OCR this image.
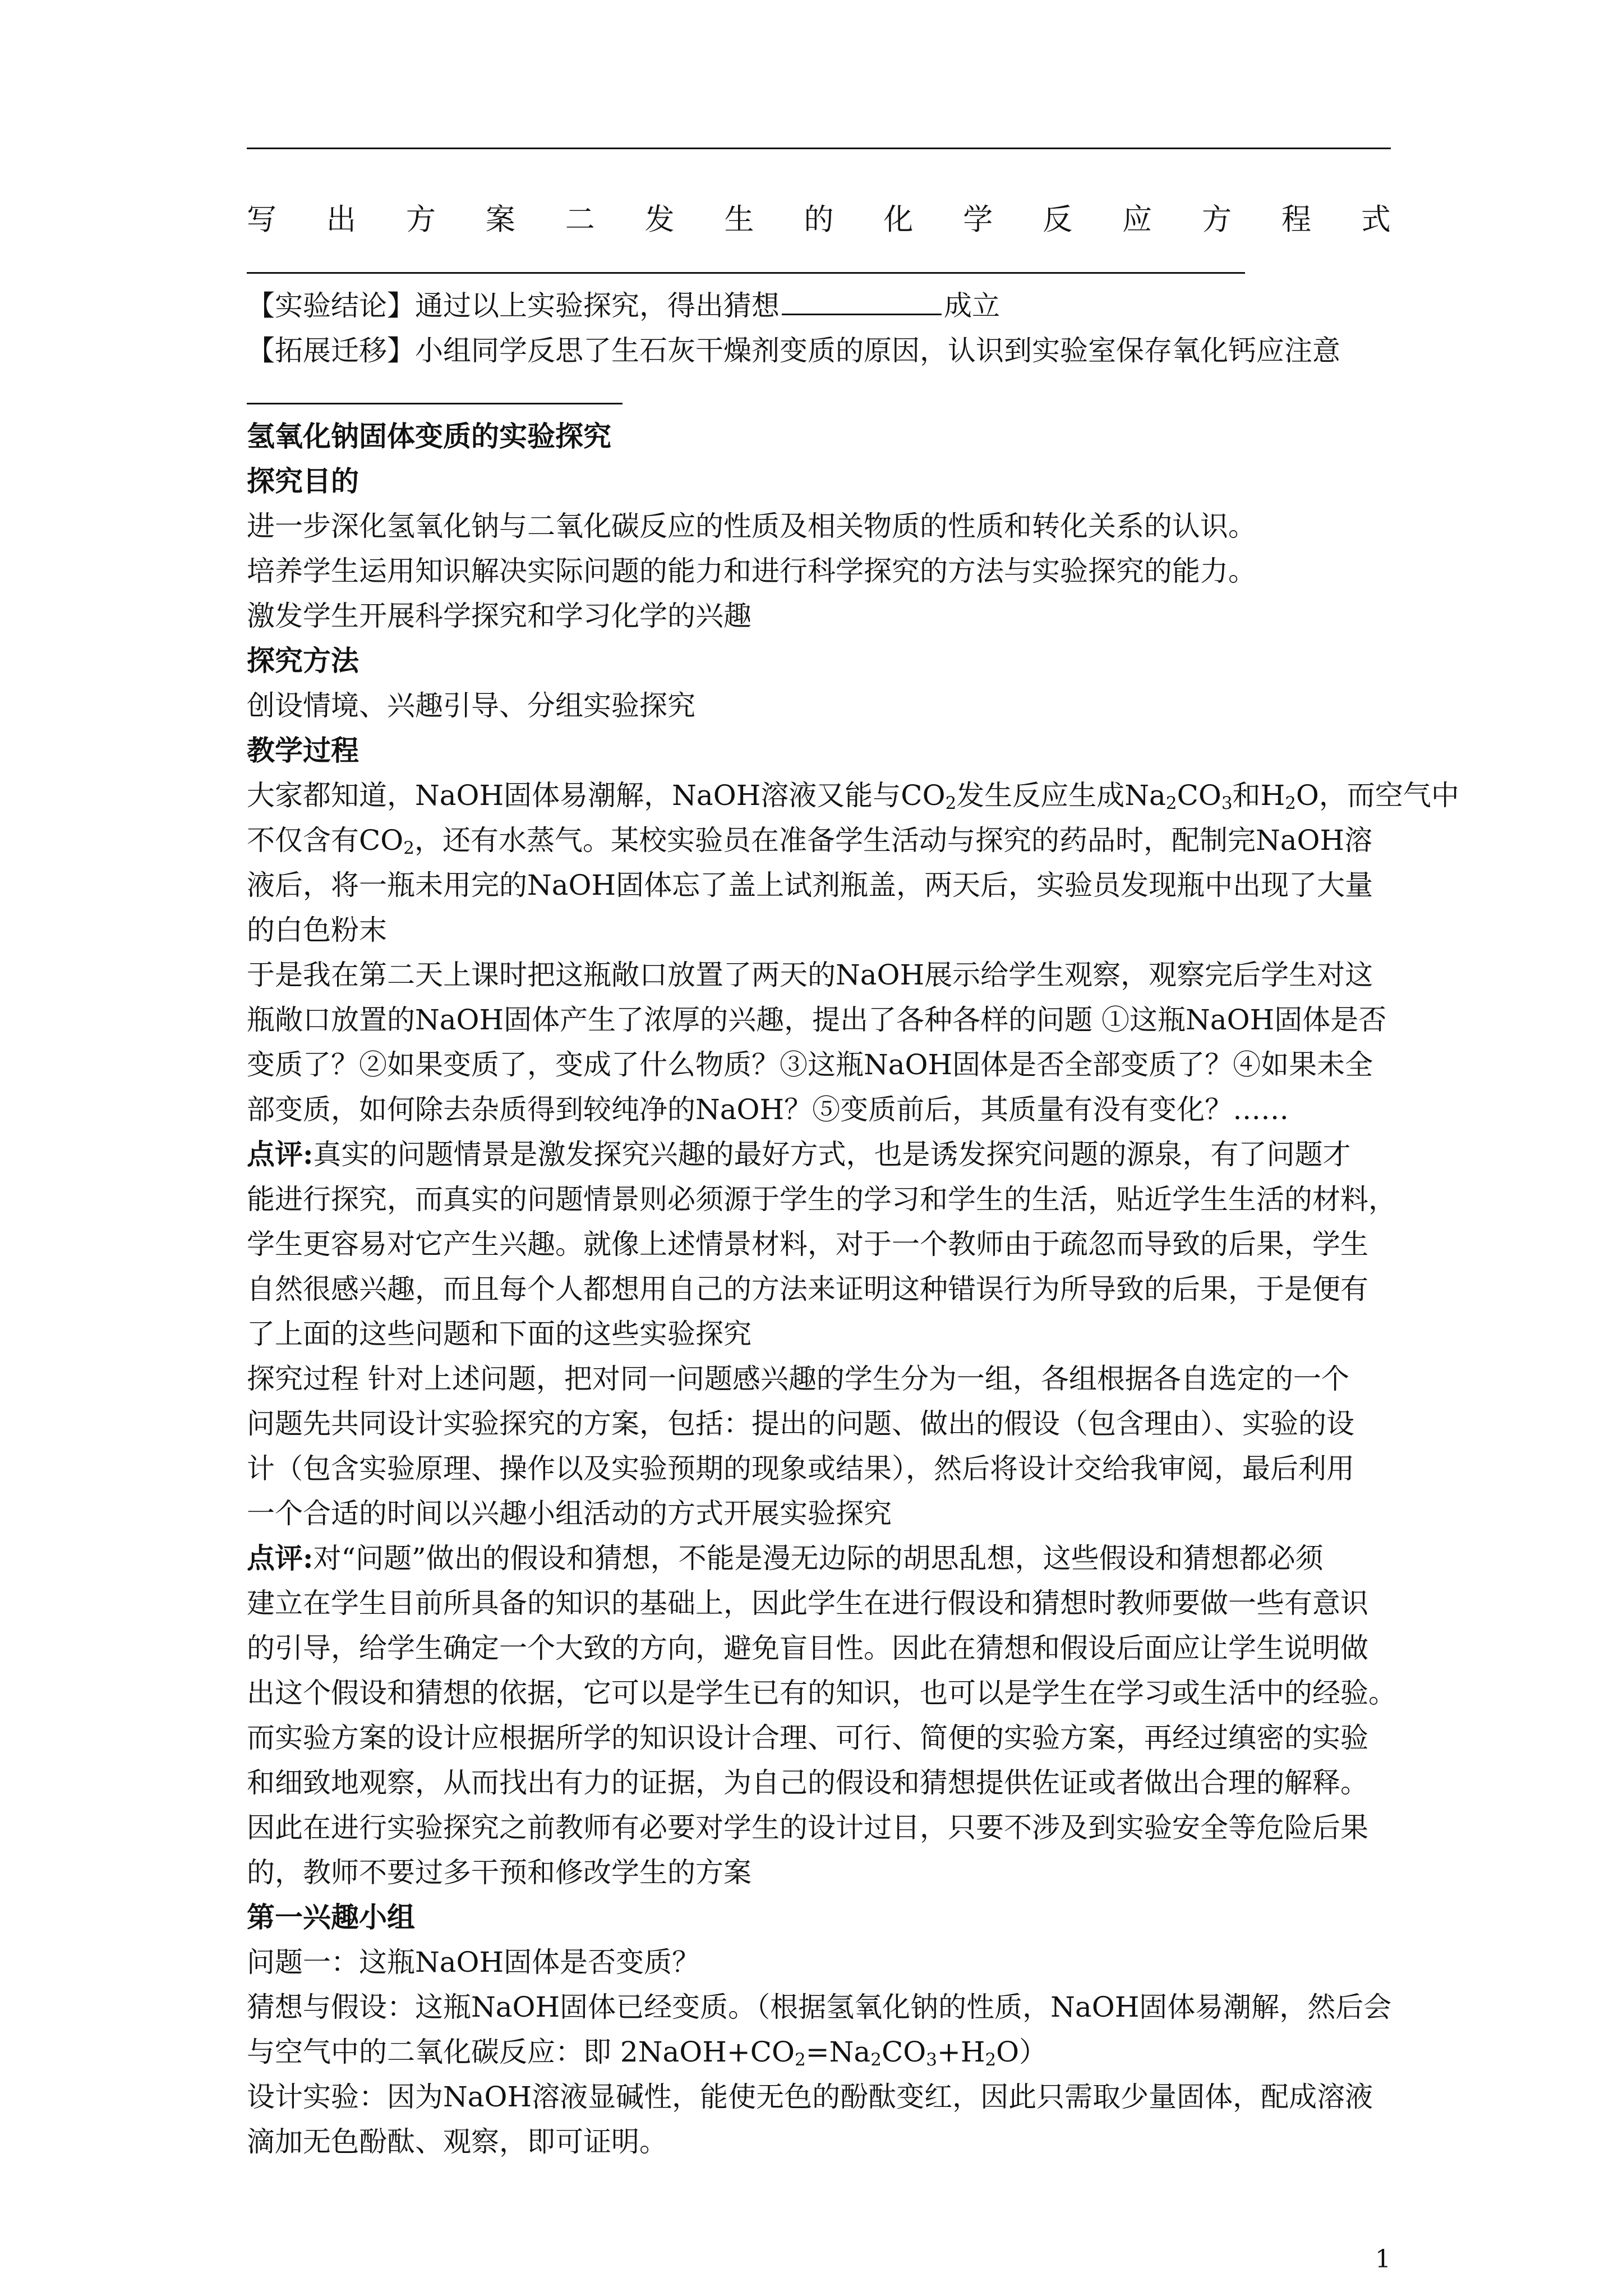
写 出 方 案 二 发 生 的 化 学 反 应 方 程 式
【实验结论】通过以上实验探究，得出猜想	成立
【拓展迁移】小组同学反思了生石灰干燥剂变质的原因，认识到实验室保存氧化钙应注意
氢氧化钠固体变质的实验探究
探究目的
进一步深化氢氧化钠与二氧化碳反应的性质及相关物质的性质和转化关系的认识。
培养学生运用知识解决实际问题的能力和进行科学探究的方法与实验探究的能力。
激发学生开展科学探究和学习化学的兴趣
探究方法
创设情境、兴趣引导、分组实验探究
教学过程
大家都知道，NaOH固体易潮解，NaOH溶液又能与$CO_2$发生反应生成$Na_2CO_3$和$H_2O$，而空气中
不仅含有$CO_2$，还有水蒸气。某校实验员在准备学生活动与探究的药品时，配制完NaOH溶
液后，将一瓶未用完的NaOH固体忘了盖上试剂瓶盖，两天后，实验员发现瓶中出现了大量
的白色粉末
于是我在第二天上课时把这瓶敞口放置了两天的NaOH展示给学生观察，观察完后学生对这
瓶敞口放置的NaOH固体产生了浓厚的兴趣，提出了各种各样的问题 ①这瓶NaOH固体是否
变质了？②如果变质了，变成了什么物质？③这瓶NaOH固体是否全部变质了？④如果未全
部变质，如何除去杂质得到较纯净的NaOH？⑤变质前后，其质量有没有变化？……
点评:真实的问题情景是激发探究兴趣的最好方式，也是诱发探究问题的源泉，有了问题才
能进行探究，而真实的问题情景则必须源于学生的学习和学生的生活，贴近学生生活的材料，
学生更容易对它产生兴趣。就像上述情景材料，对于一个教师由于疏忽而导致的后果，学生
自然很感兴趣，而且每个人都想用自己的方法来证明这种错误行为所导致的后果，于是便有
了上面的这些问题和下面的这些实验探究
探究过程 针对上述问题，把对同一问题感兴趣的学生分为一组，各组根据各自选定的一个
问题先共同设计实验探究的方案，包括：提出的问题、做出的假设（包含理由）、实验的设
计（包含实验原理、操作以及实验预期的现象或结果），然后将设计交给我审阅，最后利用
一个合适的时间以兴趣小组活动的方式开展实验探究
点评:对“问题”做出的假设和猜想，不能是漫无边际的胡思乱想，这些假设和猜想都必须
建立在学生目前所具备的知识的基础上，因此学生在进行假设和猜想时教师要做一些有意识
的引导，给学生确定一个大致的方向，避免盲目性。因此在猜想和假设后面应让学生说明做
出这个假设和猜想的依据，它可以是学生已有的知识，也可以是学生在学习或生活中的经验。
而实验方案的设计应根据所学的知识设计合理、可行、简便的实验方案，再经过缜密的实验
和细致地观察，从而找出有力的证据，为自己的假设和猜想提供佐证或者做出合理的解释。
因此在进行实验探究之前教师有必要对学生的设计过目，只要不涉及到实验安全等危险后果
的，教师不要过多干预和修改学生的方案
第一兴趣小组
问题一：这瓶NaOH固体是否变质？
猜想与假设：这瓶NaOH固体已经变质。（根据氢氧化钠的性质，NaOH固体易潮解，然后会
与空气中的二氧化碳反应：即 $2NaOH+CO_2=Na_2CO_3+H_2O$）
设计实验：因为NaOH溶液显碱性，能使无色的酚酞变红，因此只需取少量固体，配成溶液
滴加无色酚酞、观察，即可证明。
1
